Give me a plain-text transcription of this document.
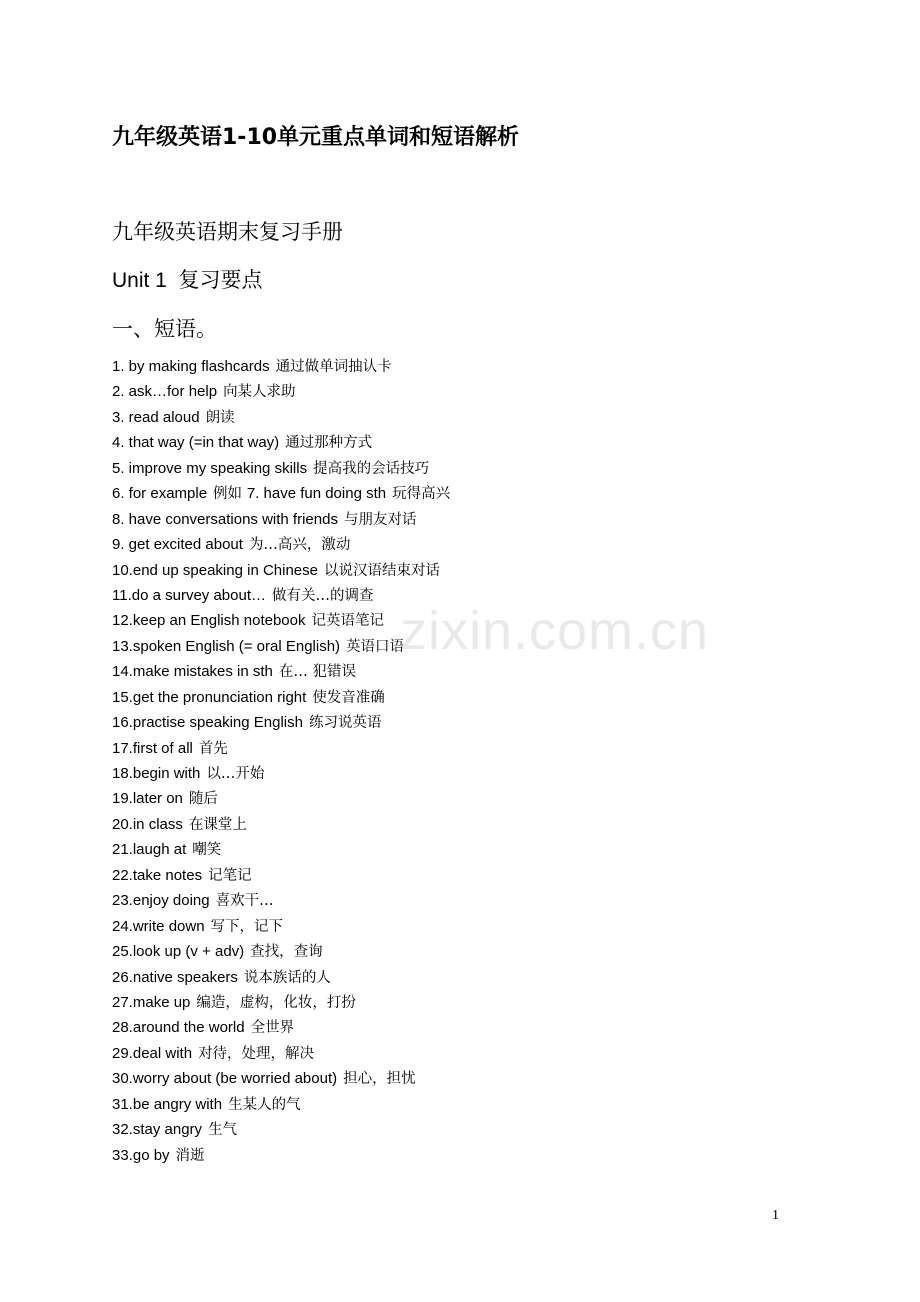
九年级英语1-10单元重点单词和短语解析
九年级英语期末复习手册
Unit 1 复习要点
一、短语。
1. by making flashcards 通过做单词抽认卡
2. ask…for help 向某人求助
3. read aloud 朗读
4. that way (=in that way) 通过那种方式
5. improve my speaking skills 提高我的会话技巧
6. for example 例如 7. have fun doing sth 玩得高兴
8. have conversations with friends 与朋友对话
9. get excited about 为…高兴，激动
10.end up speaking in Chinese 以说汉语结束对话
11.do a survey about… 做有关…的调查
12.keep an English notebook 记英语笔记
13.spoken English (= oral English) 英语口语
14.make mistakes in sth 在… 犯错误
15.get the pronunciation right 使发音准确
16.practise speaking English 练习说英语
17.first of all 首先
18.begin with 以…开始
19.later on 随后
20.in class 在课堂上
21.laugh at 嘲笑
22.take notes 记笔记
23.enjoy doing 喜欢干…
24.write down 写下，记下
25.look up (v + adv) 查找，查询
26.native speakers 说本族话的人
27.make up 编造，虚构，化妆，打扮
28.around the world 全世界
29.deal with 对待，处理，解决
30.worry about (be worried about) 担心，担忧
31.be angry with 生某人的气
32.stay angry 生气
33.go by 消逝
zixin.com.cn
1
